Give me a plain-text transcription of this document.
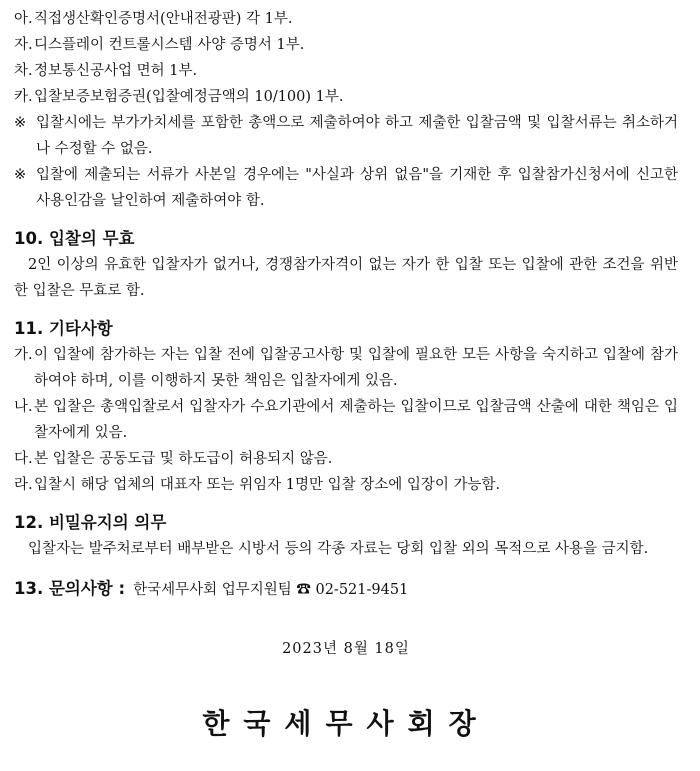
아. 직접생산확인증명서(안내전광판) 각 1부.
자. 디스플레이 컨트롤시스템 사양 증명서 1부.
차. 정보통신공사업 면허 1부.
카. 입찰보증보험증권(입찰예정금액의 10/100) 1부.
※ 입찰시에는 부가가치세를 포함한 총액으로 제출하여야 하고 제출한 입찰금액 및 입찰서류는 취소하거나 수정할 수 없음.
※ 입찰에 제출되는 서류가 사본일 경우에는 "사실과 상위 없음"을 기재한 후 입찰참가신청서에 신고한 사용인감을 날인하여 제출하여야 함.
10. 입찰의 무효
2인 이상의 유효한 입찰자가 없거나, 경쟁참가자격이 없는 자가 한 입찰 또는 입찰에 관한 조건을 위반한 입찰은 무효로 함.
11. 기타사항
가. 이 입찰에 참가하는 자는 입찰 전에 입찰공고사항 및 입찰에 필요한 모든 사항을 숙지하고 입찰에 참가하여야 하며, 이를 이행하지 못한 책임은 입찰자에게 있음.
나. 본 입찰은 총액입찰로서 입찰자가 수요기관에서 제출하는 입찰이므로 입찰금액 산출에 대한 책임은 입찰자에게 있음.
다. 본 입찰은 공동도급 및 하도급이 허용되지 않음.
라. 입찰시 해당 업체의 대표자 또는 위임자 1명만 입찰 장소에 입장이 가능함.
12. 비밀유지의 의무
입찰자는 발주처로부터 배부받은 시방서 등의 각종 자료는 당회 입찰 외의 목적으로 사용을 금지함.
13. 문의사항 : 한국세무사회 업무지원팀 ☎ 02-521-9451
2023년 8월 18일
한국세무사회장
